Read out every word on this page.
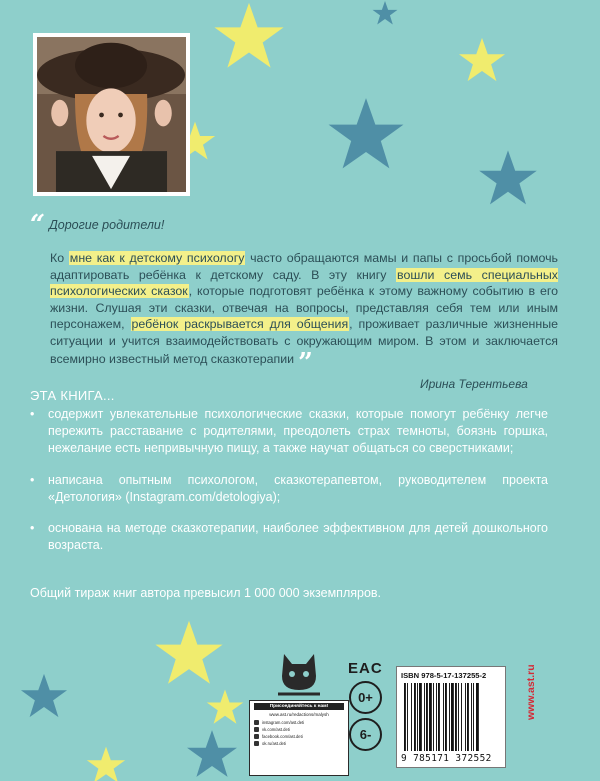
“ Дорогие родители!
Ко мне как к детскому психологу часто обращаются мамы и папы с просьбой помочь адаптировать ребёнка к детскому саду. В эту книгу вошли семь специальных психологических сказок, которые подготовят ребёнка к этому важному событию в его жизни. Слушая эти сказки, отвечая на вопросы, представляя себя тем или иным персонажем, ребёнок раскрывается для общения, проживает различные жизненные ситуации и учится взаимодействовать с окружающим миром. В этом и заключается всемирно известный метод сказкотерапии ”
Ирина Терентьева
ЭТА КНИГА...
•	содержит увлекательные психологические сказки, которые помогут ребёнку легче пережить расставание с родителями, преодолеть страх темноты, боязнь горшка, нежелание есть непривычную пищу, а также научат общаться со сверстниками;
•	написана опытным психологом, сказкотерапевтом, руководителем проекта «Детология» (Instagram.com/detologiya);
•	основана на методе сказкотерапии, наиболее эффективном для детей дошкольного возраста.
Общий тираж книг автора превысил 1 000 000 экземпляров.
Присоединяйтесь к нам!
www.ast.ru/redactions/malysh
instagram.com/ast.deti
vk.com/ast.deti
facebook.com/ast.deti
ok.ru/ast.deti
EAC
0+
6-
ISBN 978-5-17-137255-2
9 785171 372552
www.ast.ru
